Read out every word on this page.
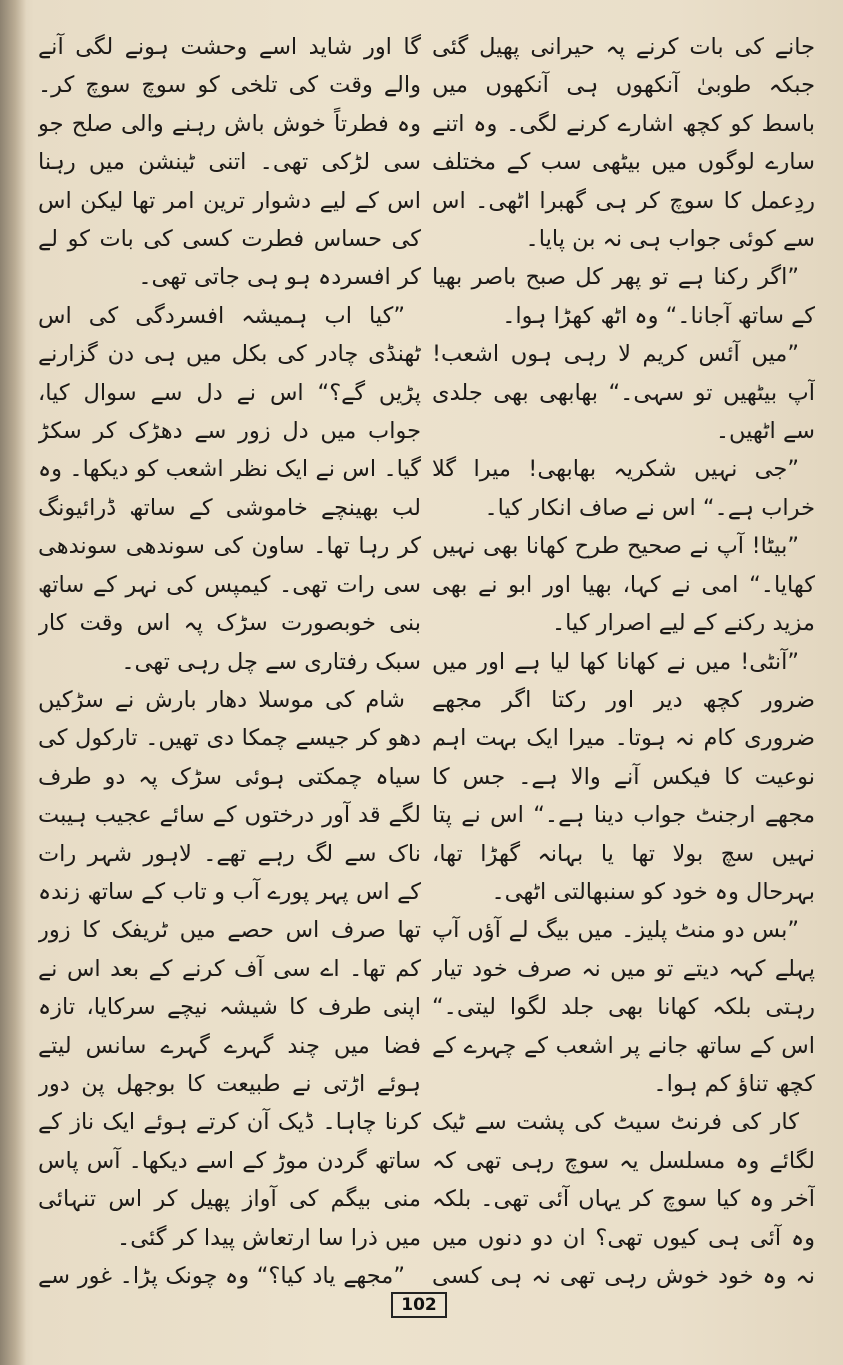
جانے کی بات کرنے پہ حیرانی پھیل گئی جبکہ طوبیٰ آنکھوں ہی آنکھوں میں باسط کو کچھ اشارے کرنے لگی۔ وہ اتنے سارے لوگوں میں بیٹھی سب کے مختلف ردِعمل کا سوچ کر ہی گھبرا اٹھی۔ اس سے کوئی جواب ہی نہ بن پایا۔

”اگر رکنا ہے تو پھر کل صبح باصر بھیا کے ساتھ آجانا۔“ وہ اٹھ کھڑا ہوا۔

”میں آئس کریم لا رہی ہوں اشعب! آپ بیٹھیں تو سہی۔“ بھابھی بھی جلدی سے اٹھیں۔

”جی نہیں شکریہ بھابھی! میرا گلا خراب ہے۔“ اس نے صاف انکار کیا۔

”بیٹا! آپ نے صحیح طرح کھانا بھی نہیں کھایا۔“ امی نے کہا، بھیا اور ابو نے بھی مزید رکنے کے لیے اصرار کیا۔

”آنٹی! میں نے کھانا کھا لیا ہے اور میں ضرور کچھ دیر اور رکتا اگر مجھے ضروری کام نہ ہوتا۔ میرا ایک بہت اہم نوعیت کا فیکس آنے والا ہے۔ جس کا مجھے ارجنٹ جواب دینا ہے۔“ اس نے پتا نہیں سچ بولا تھا یا بہانہ گھڑا تھا، بہرحال وہ خود کو سنبھالتی اٹھی۔

”بس دو منٹ پلیز۔ میں بیگ لے آؤں آپ پہلے کہہ دیتے تو میں نہ صرف خود تیار رہتی بلکہ کھانا بھی جلد لگوا لیتی۔“ اس کے ساتھ جانے پر اشعب کے چہرے کے کچھ تناؤ کم ہوا۔

کار کی فرنٹ سیٹ کی پشت سے ٹیک لگائے وہ مسلسل یہ سوچ رہی تھی کہ آخر وہ کیا سوچ کر یہاں آئی تھی۔ بلکہ وہ آئی ہی کیوں تھی؟ ان دو دنوں میں نہ وہ خود خوش رہی تھی نہ ہی کسی

گا اور شاید اسے وحشت ہونے لگی آنے والے وقت کی تلخی کو سوچ سوچ کر۔ وہ فطرتاً خوش باش رہنے والی صلح جو سی لڑکی تھی۔ اتنی ٹینشن میں رہنا اس کے لیے دشوار ترین امر تھا لیکن اس کی حساس فطرت کسی کی بات کو لے کر افسردہ ہو ہی جاتی تھی۔

”کیا اب ہمیشہ افسردگی کی اس ٹھنڈی چادر کی بکل میں ہی دن گزارنے پڑیں گے؟“ اس نے دل سے سوال کیا، جواب میں دل زور سے دھڑک کر سکڑ گیا۔ اس نے ایک نظر اشعب کو دیکھا۔ وہ لب بھینچے خاموشی کے ساتھ ڈرائیونگ کر رہا تھا۔ ساون کی سوندھی سوندھی سی رات تھی۔ کیمپس کی نہر کے ساتھ بنی خوبصورت سڑک پہ اس وقت کار سبک رفتاری سے چل رہی تھی۔

شام کی موسلا دھار بارش نے سڑکیں دھو کر جیسے چمکا دی تھیں۔ تارکول کی سیاہ چمکتی ہوئی سڑک پہ دو طرف لگے قد آور درختوں کے سائے عجیب ہیبت ناک سے لگ رہے تھے۔ لاہور شہر رات کے اس پہر پورے آب و تاب کے ساتھ زندہ تھا صرف اس حصے میں ٹریفک کا زور کم تھا۔ اے سی آف کرنے کے بعد اس نے اپنی طرف کا شیشہ نیچے سرکایا، تازہ فضا میں چند گہرے گہرے سانس لیتے ہوئے اڑتی نے طبیعت کا بوجھل پن دور کرنا چاہا۔ ڈیک آن کرتے ہوئے ایک ناز کے ساتھ گردن موڑ کے اسے دیکھا۔ آس پاس منی بیگم کی آواز پھیل کر اس تنہائی میں ذرا سا ارتعاش پیدا کر گئی۔

”مجھے یاد کیا؟“ وہ چونک پڑا۔ غور سے

102
